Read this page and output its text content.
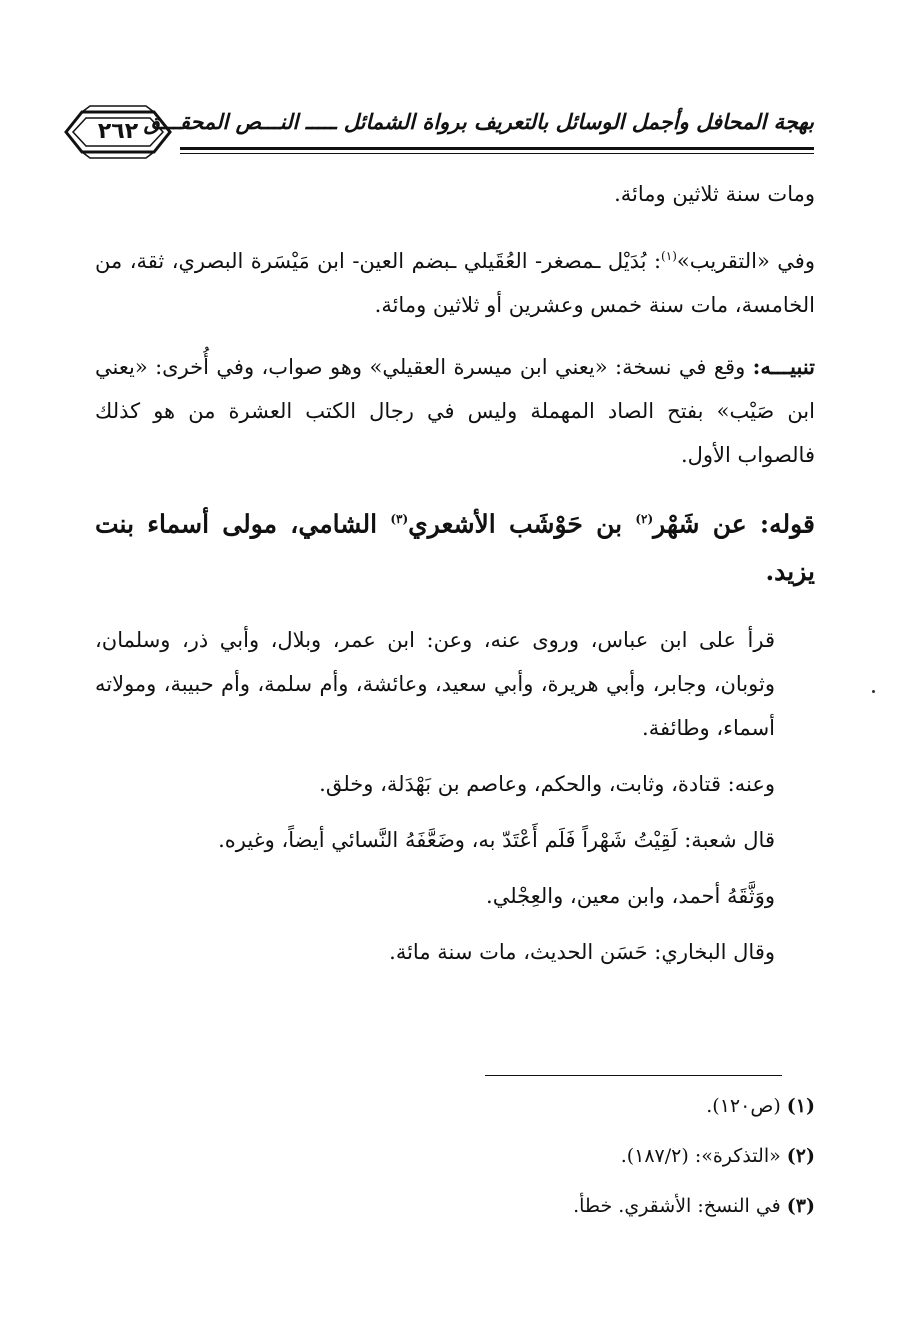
٢٦٢ بهجة المحافل وأجمل الوسائل بالتعريف برواة الشمائل ـــــ النـــص المحقـــق

ومات سنة ثلاثين ومائة.

وفي «التقريب»$^{(١)}$: بُدَيْل ـمصغر- العُقَيلي ـبضم العين- ابن مَيْسَرة البصري، ثقة، من الخامسة، مات سنة خمس وعشرين أو ثلاثين ومائة.

تنبيـــه: وقع في نسخة: «يعني ابن ميسرة العقيلي» وهو صواب، وفي أُخرى: «يعني ابن صَيْب» بفتح الصاد المهملة وليس في رجال الكتب العشرة من هو كذلك فالصواب الأول.

قوله: عن شَهْر$^{(٢)}$ بن حَوْشَب الأشعري$^{(٣)}$ الشامي، مولى أسماء بنت يزيد.

قرأ على ابن عباس، وروى عنه، وعن: ابن عمر، وبلال، وأبي ذر، وسلمان، وثوبان، وجابر، وأبي هريرة، وأبي سعيد، وعائشة، وأم سلمة، وأم حبيبة، ومولاته أسماء، وطائفة.

وعنه: قتادة، وثابت، والحكم، وعاصم بن بَهْدَلة، وخلق.

قال شعبة: لَقِيْتُ شَهْراً فَلَم أَعْتَدّ به، وضَعَّفَهُ النَّسائي أيضاً، وغيره.

ووَثَّقَهُ أحمد، وابن معين، والعِجْلي.

وقال البخاري: حَسَن الحديث، مات سنة مائة.

(١) (ص١٢٠).
(٢) «التذكرة»: (١٨٧/٢).
(٣) في النسخ: الأشقري. خطأ.
